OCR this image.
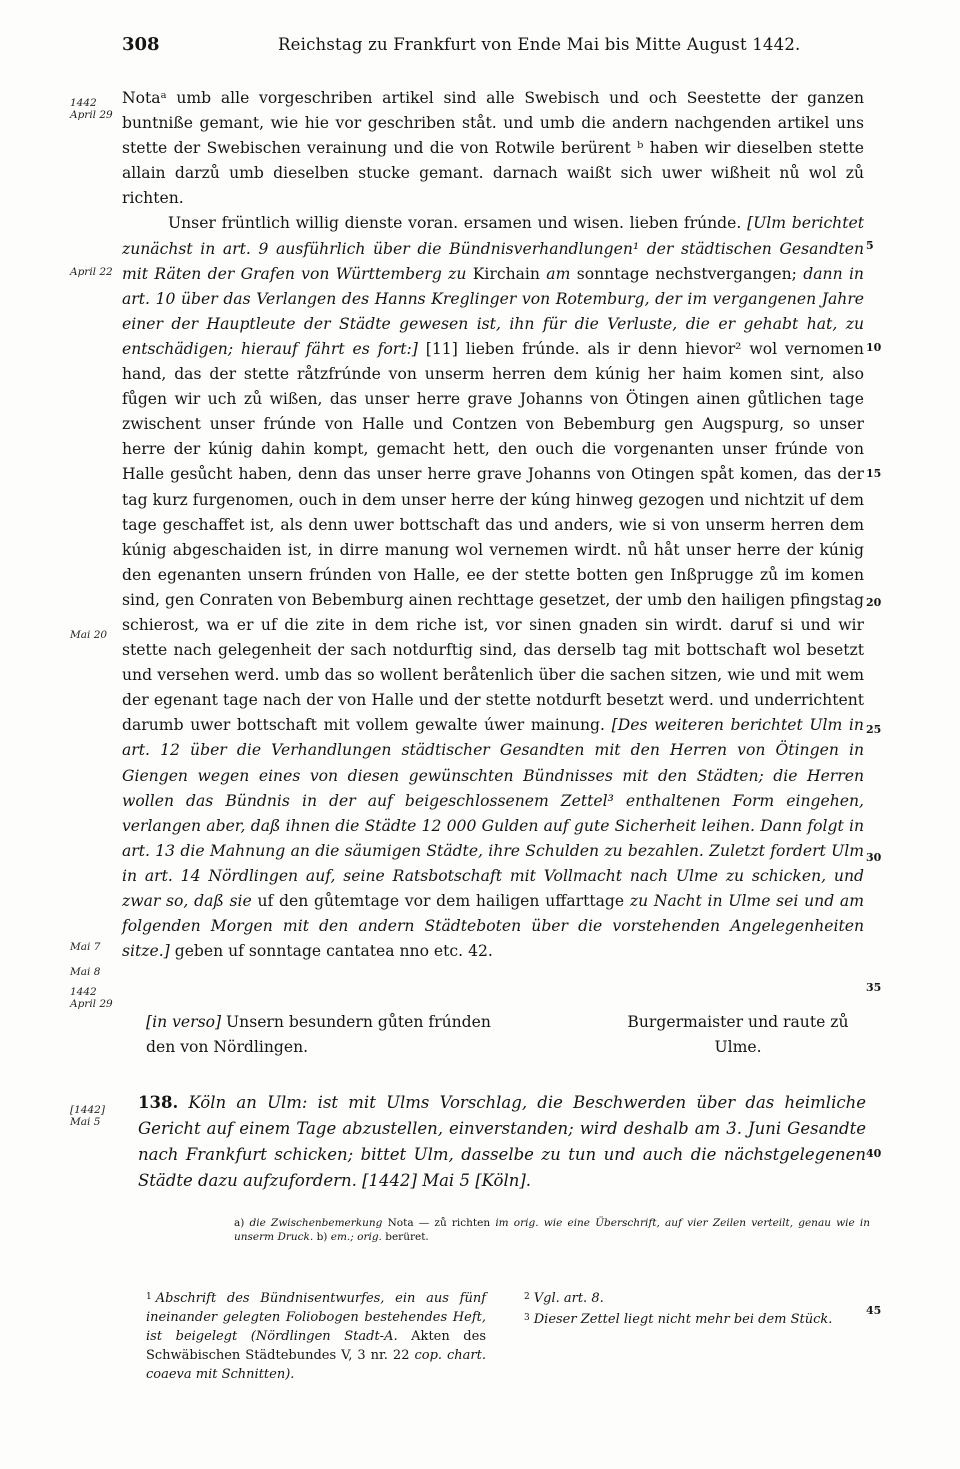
308	Reichstag zu Frankfurt von Ende Mai bis Mitte August 1442.
1442 April 29
April 22
Mai 20
Mai 7
Mai 8
1442 April 29
[1442] Mai 5
5
10
15
20
25
30
35
40
45

Notaᵃ umb alle vorgeschriben artikel sind alle Swebisch und och Seestette der ganzen buntniße gemant, wie hie vor geschriben ståt. und umb die andern nachgenden artikel uns stette der Swebischen verainung und die von Rotwile berürent ᵇ haben wir dieselben stette allain darzů umb dieselben stucke gemant. darnach waißt sich uwer wißheit nů wol zů richten.

Unser früntlich willig dienste voran. ersamen und wisen. lieben frúnde. [Ulm berichtet zunächst in art. 9 ausführlich über die Bündnisverhandlungen¹ der städtischen Gesandten mit Räten der Grafen von Württemberg zu Kirchain am sonntage nechstvergangen; dann in art. 10 über das Verlangen des Hanns Kreglinger von Rotemburg, der im vergangenen Jahre einer der Hauptleute der Städte gewesen ist, ihn für die Verluste, die er gehabt hat, zu entschädigen; hierauf fährt es fort:] [11] lieben frúnde. als ir denn hievor² wol vernomen hand, das der stette råtzfrúnde von unserm herren dem kúnig her haim komen sint, also fůgen wir uch zů wißen, das unser herre grave Johanns von Ötingen ainen gůtlichen tage zwischent unser frúnde von Halle und Contzen von Bebemburg gen Augspurg, so unser herre der kúnig dahin kompt, gemacht hett, den ouch die vorgenanten unser frúnde von Halle gesůcht haben, denn das unser herre grave Johanns von Otingen spåt komen, das der tag kurz furgenomen, ouch in dem unser herre der kúng hinweg gezogen und nichtzit uf dem tage geschaffet ist, als denn uwer bottschaft das und anders, wie si von unserm herren dem kúnig abgeschaiden ist, in dirre manung wol vernemen wirdt. nů håt unser herre der kúnig den egenanten unsern frúnden von Halle, ee der stette botten gen Inßprugge zů im komen sind, gen Conraten von Bebemburg ainen rechttage gesetzet, der umb den hailigen pfingstag schierost, wa er uf die zite in dem riche ist, vor sinen gnaden sin wirdt. daruf si und wir stette nach gelegenheit der sach notdurftig sind, das derselb tag mit bottschaft wol besetzt und versehen werd. umb das so wollent beråtenlich über die sachen sitzen, wie und mit wem der egenant tage nach der von Halle und der stette notdurft besetzt werd. und underrichtent darumb uwer bottschaft mit vollem gewalte úwer mainung. [Des weiteren berichtet Ulm in art. 12 über die Verhandlungen städtischer Gesandten mit den Herren von Ötingen in Giengen wegen eines von diesen gewünschten Bündnisses mit den Städten; die Herren wollen das Bündnis in der auf beigeschlossenem Zettel³ enthaltenen Form eingehen, verlangen aber, daß ihnen die Städte 12 000 Gulden auf gute Sicherheit leihen. Dann folgt in art. 13 die Mahnung an die säumigen Städte, ihre Schulden zu bezahlen. Zuletzt fordert Ulm in art. 14 Nördlingen auf, seine Ratsbotschaft mit Vollmacht nach Ulme zu schicken, und zwar so, daß sie uf den gůtemtage vor dem hailigen uffarttage zu Nacht in Ulme sei und am folgenden Morgen mit den andern Städteboten über die vorstehenden Angelegenheiten sitze.] geben uf sonntage cantatea nno etc. 42.

[in verso] Unsern besundern gůten frúnden den von Nördlingen.
Burgermaister und raute zů Ulme.
138. Köln an Ulm: ist mit Ulms Vorschlag, die Beschwerden über das heimliche Gericht auf einem Tage abzustellen, einverstanden; wird deshalb am 3. Juni Gesandte nach Frankfurt schicken; bittet Ulm, dasselbe zu tun und auch die nächstgelegenen Städte dazu aufzufordern. [1442] Mai 5 [Köln].
a) die Zwischenbemerkung Nota — zů richten im orig. wie eine Überschrift, auf vier Zeilen verteilt, genau wie in unserm Druck. b) em.; orig. berüret.

$^1$ Abschrift des Bündnisentwurfes, ein aus fünf ineinander gelegten Foliobogen bestehendes Heft, ist beigelegt (Nördlingen Stadt-A. Akten des Schwäbischen Städtebundes V, 3 nr. 22 cop. chart. coaeva mit Schnitten).

$^2$ Vgl. art. 8.

$^3$ Dieser Zettel liegt nicht mehr bei dem Stück.
